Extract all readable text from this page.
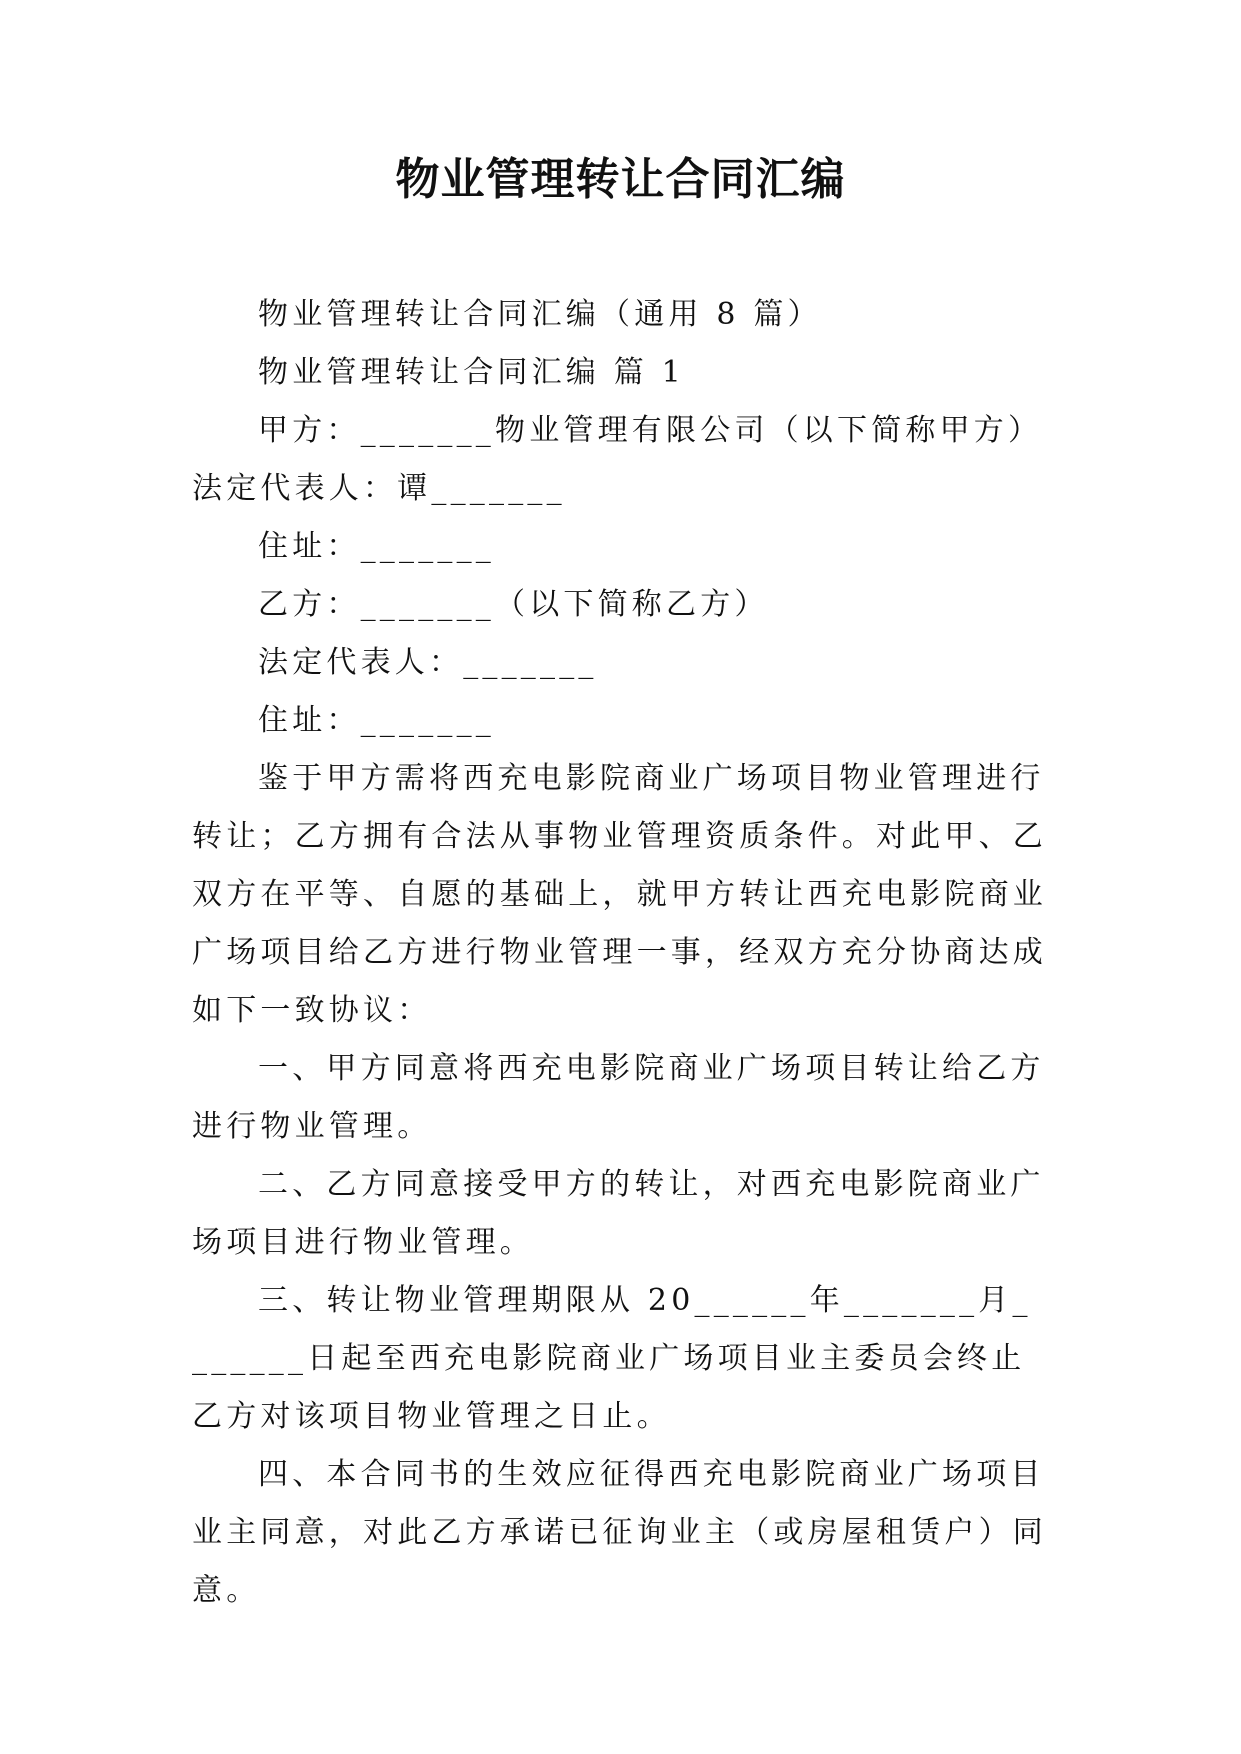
物业管理转让合同汇编

物业管理转让合同汇编（通用 8 篇）

物业管理转让合同汇编 篇 1

甲方：_______物业管理有限公司（以下简称甲方）法定代表人：谭_______

住址：_______

乙方：_______（以下简称乙方）

法定代表人：_______

住址：_______

鉴于甲方需将西充电影院商业广场项目物业管理进行转让；乙方拥有合法从事物业管理资质条件。对此甲、乙双方在平等、自愿的基础上，就甲方转让西充电影院商业广场项目给乙方进行物业管理一事，经双方充分协商达成如下一致协议：

一、甲方同意将西充电影院商业广场项目转让给乙方进行物业管理。

二、乙方同意接受甲方的转让，对西充电影院商业广场项目进行物业管理。

三、转让物业管理期限从 20______年_______月_______日起至西充电影院商业广场项目业主委员会终止乙方对该项目物业管理之日止。

四、本合同书的生效应征得西充电影院商业广场项目业主同意，对此乙方承诺已征询业主（或房屋租赁户）同意。
